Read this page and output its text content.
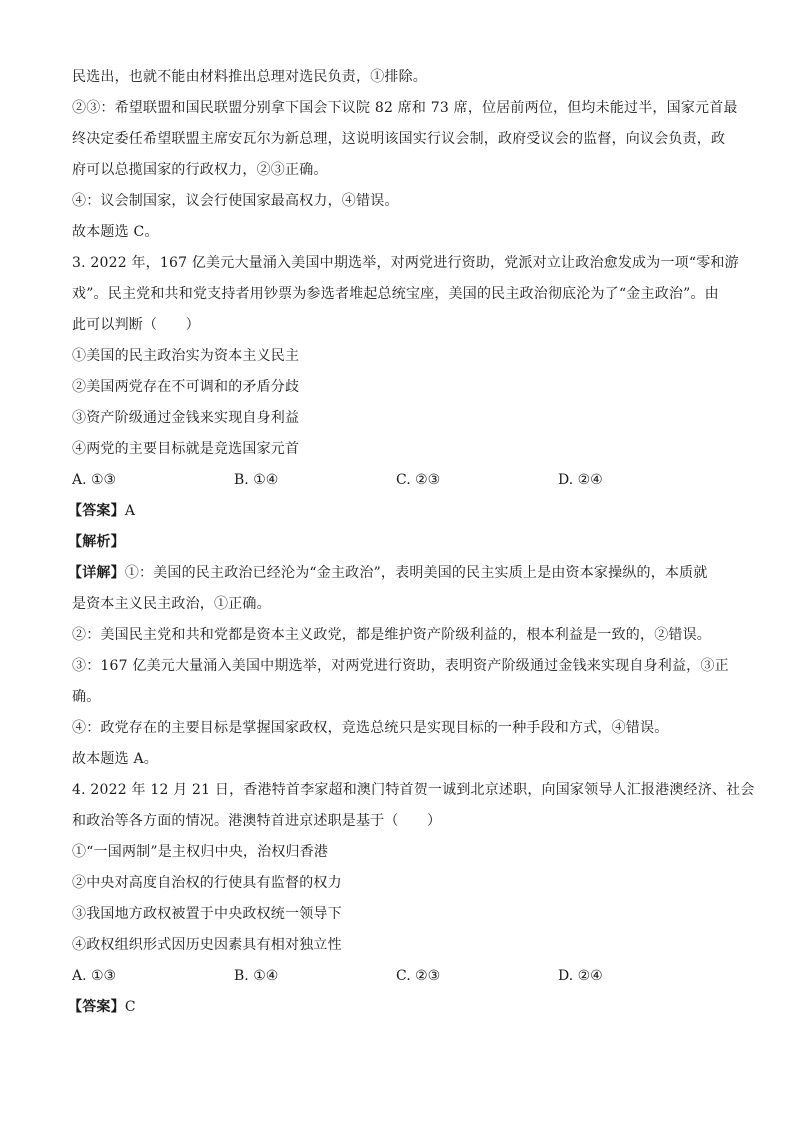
民选出，也就不能由材料推出总理对选民负责，①排除。
②③：希望联盟和国民联盟分别拿下国会下议院 82 席和 73 席，位居前两位，但均未能过半，国家元首最
终决定委任希望联盟主席安瓦尔为新总理，这说明该国实行议会制，政府受议会的监督，向议会负责，政
府可以总揽国家的行政权力，②③正确。
④：议会制国家，议会行使国家最高权力，④错误。
故本题选 C。
3. 2022 年，167 亿美元大量涌入美国中期选举，对两党进行资助，党派对立让政治愈发成为一项“零和游
戏”。民主党和共和党支持者用钞票为参选者堆起总统宝座，美国的民主政治彻底沦为了“金主政治”。由
此可以判断（　　）
①美国的民主政治实为资本主义民主
②美国两党存在不可调和的矛盾分歧
③资产阶级通过金钱来实现自身利益
④两党的主要目标就是竞选国家元首
A. ①③	B. ①④	C. ②③	D. ②④
【答案】A
【解析】
【详解】①：美国的民主政治已经沦为“金主政治”，表明美国的民主实质上是由资本家操纵的，本质就
是资本主义民主政治，①正确。
②：美国民主党和共和党都是资本主义政党，都是维护资产阶级利益的，根本利益是一致的，②错误。
③：167 亿美元大量涌入美国中期选举，对两党进行资助，表明资产阶级通过金钱来实现自身利益，③正
确。
④：政党存在的主要目标是掌握国家政权，竞选总统只是实现目标的一种手段和方式，④错误。
故本题选 A。
4. 2022 年 12 月 21 日，香港特首李家超和澳门特首贺一诚到北京述职，向国家领导人汇报港澳经济、社会
和政治等各方面的情况。港澳特首进京述职是基于（　　）
①“一国两制”是主权归中央，治权归香港
②中央对高度自治权的行使具有监督的权力
③我国地方政权被置于中央政权统一领导下
④政权组织形式因历史因素具有相对独立性
A. ①③	B. ①④	C. ②③	D. ②④
【答案】C
